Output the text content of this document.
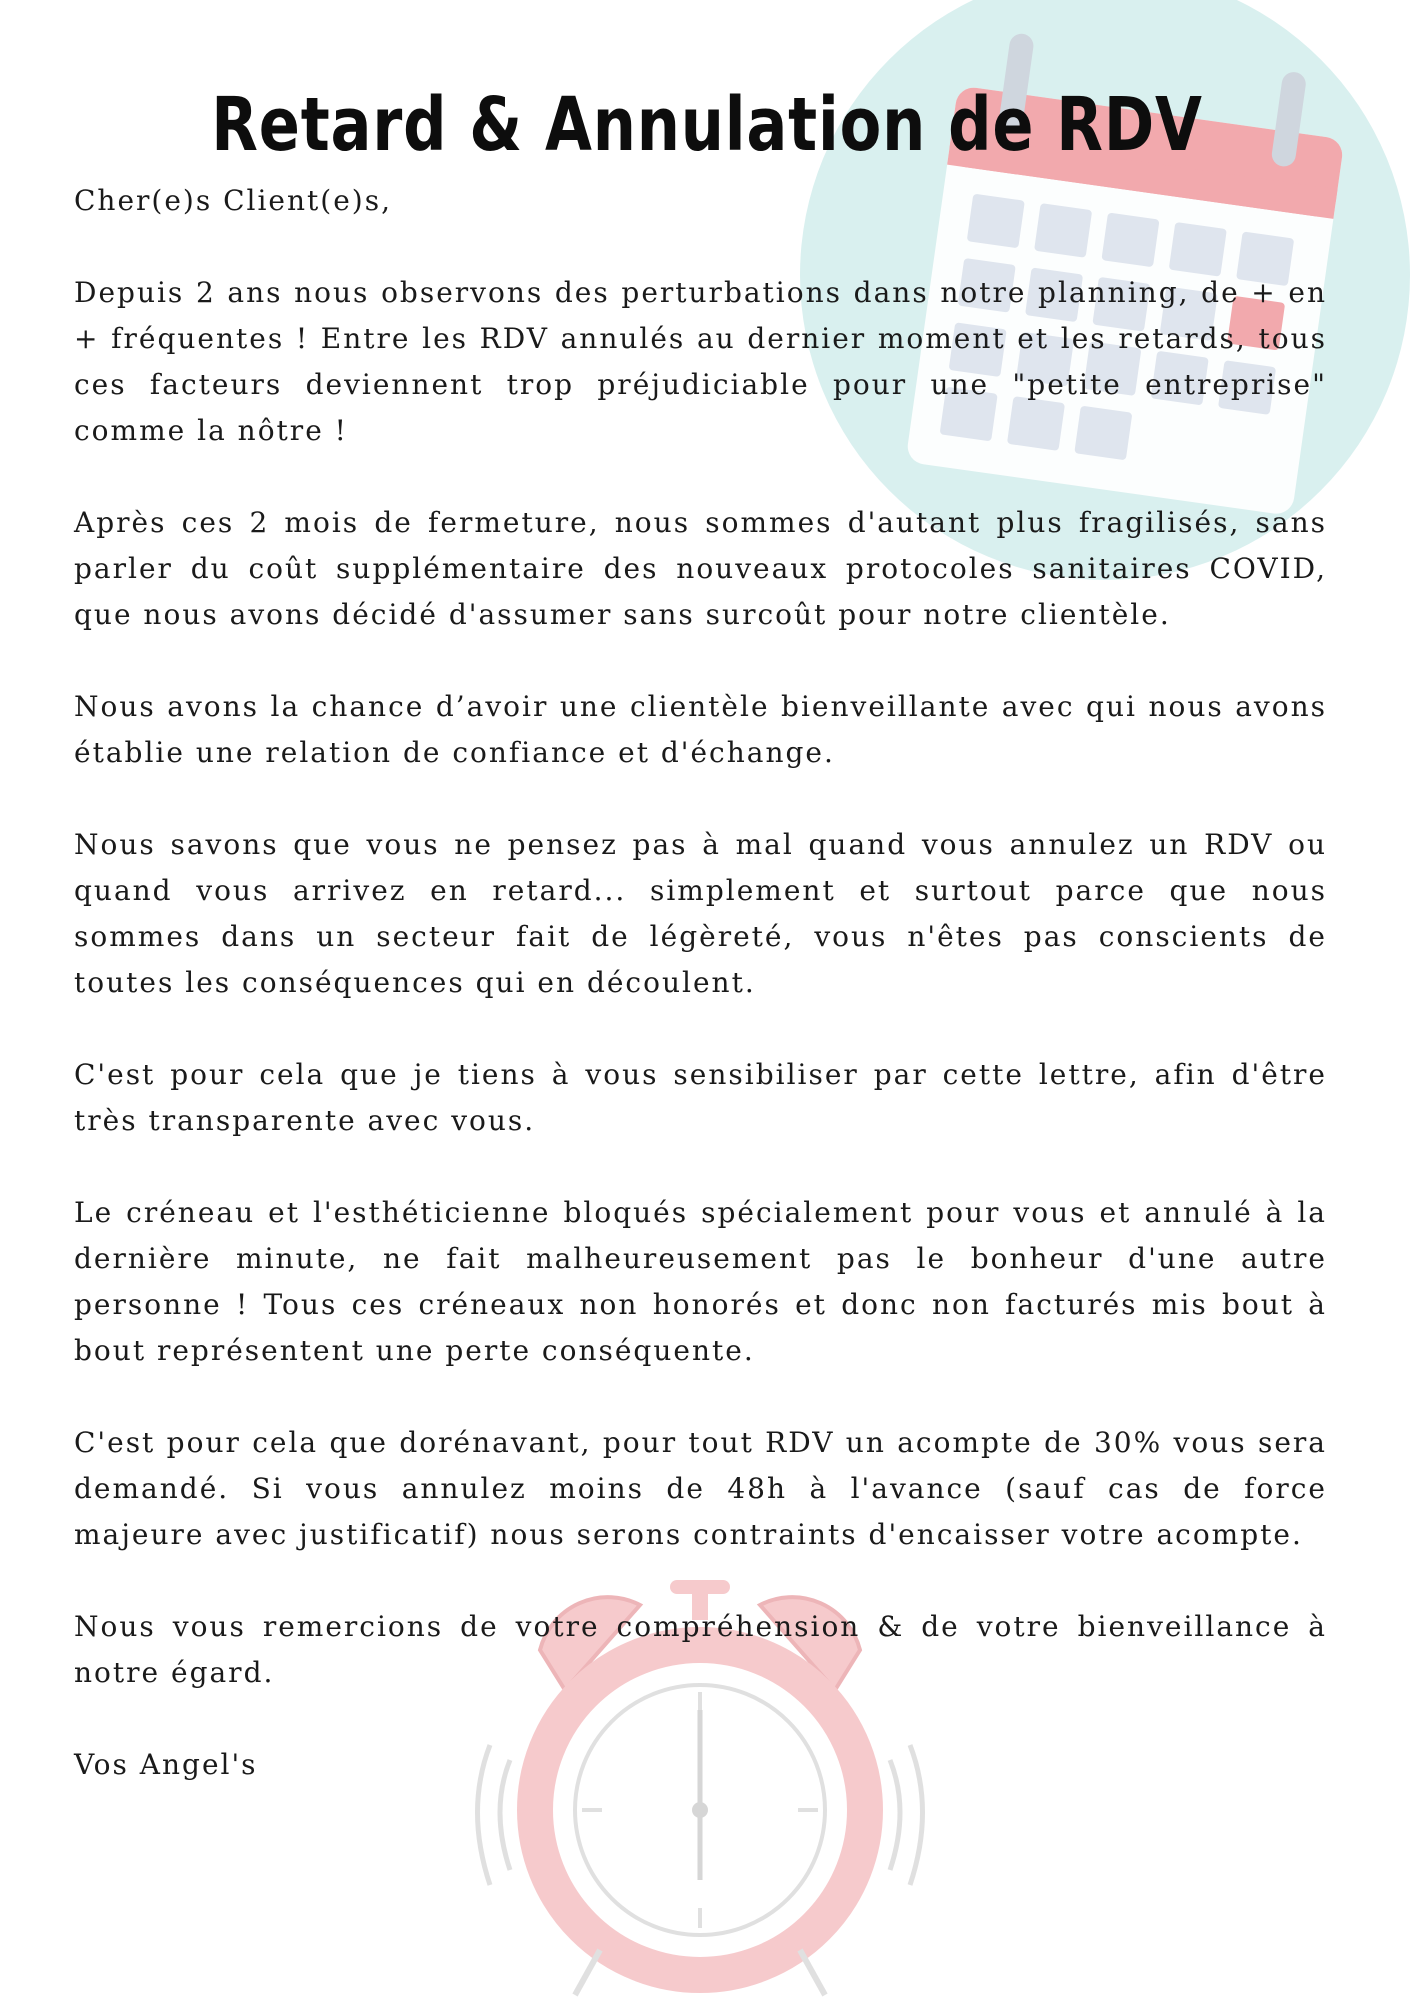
Retard & Annulation de RDV

Cher(e)s Client(e)s,

Depuis 2 ans nous observons des perturbations dans notre planning, de + en + fréquentes ! Entre les RDV annulés au dernier moment et les retards, tous ces facteurs deviennent trop préjudiciable pour une "petite entreprise" comme la nôtre !

Après ces 2 mois de fermeture, nous sommes d'autant plus fragilisés, sans parler du coût supplémentaire des nouveaux protocoles sanitaires COVID, que nous avons décidé d'assumer sans surcoût pour notre clientèle.

Nous avons la chance d’avoir une clientèle bienveillante avec qui nous avons établie une relation de confiance et d'échange.

Nous savons que vous ne pensez pas à mal quand vous annulez un RDV ou quand vous arrivez en retard... simplement et surtout parce que nous sommes dans un secteur fait de légèreté, vous n'êtes pas conscients de toutes les conséquences qui en découlent.

C'est pour cela que je tiens à vous sensibiliser par cette lettre, afin d'être très transparente avec vous.

Le créneau et l'esthéticienne bloqués spécialement pour vous et annulé à la dernière minute, ne fait malheureusement pas le bonheur d'une autre personne ! Tous ces créneaux non honorés et donc non facturés mis bout à bout représentent une perte conséquente.

C'est pour cela que dorénavant, pour tout RDV un acompte de 30% vous sera demandé. Si vous annulez moins de 48h à l'avance (sauf cas de force majeure avec justificatif) nous serons contraints d'encaisser votre acompte.

Nous vous remercions de votre compréhension & de votre bienveillance à notre égard.

Vos Angel's
